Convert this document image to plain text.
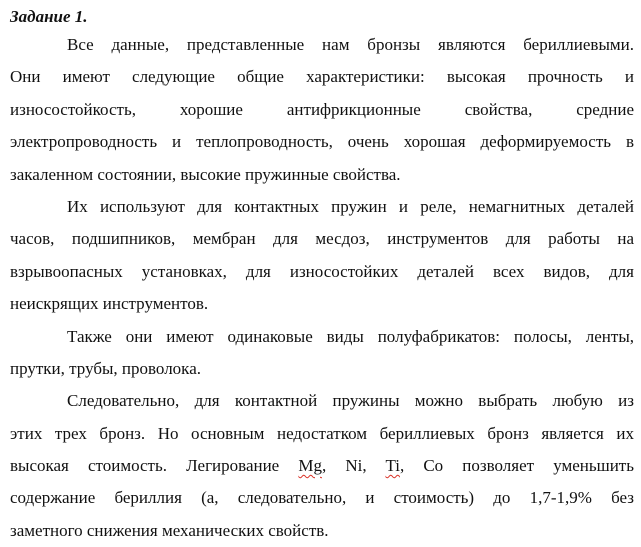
Задание 1.

Все данные, представленные нам бронзы являются бериллиевыми.
Они имеют следующие общие характеристики: высокая прочность и
износостойкость, хорошие антифрикционные свойства, средние
электропроводность и теплопроводность, очень хорошая деформируемость в
закаленном состоянии, высокие пружинные свойства.
Их используют для контактных пружин и реле, немагнитных деталей
часов, подшипников, мембран для месдоз, инструментов для работы на
взрывоопасных установках, для износостойких деталей всех видов, для
неискрящих инструментов.
Также они имеют одинаковые виды полуфабрикатов: полосы, ленты,
прутки, трубы, проволока.
Следовательно, для контактной пружины можно выбрать любую из
этих трех бронз. Но основным недостатком бериллиевых бронз является их
высокая стоимость. Легирование Mg, Ni, Ti, Co позволяет уменьшить
содержание бериллия (а, следовательно, и стоимость) до 1,7-1,9% без
заметного снижения механических свойств.
